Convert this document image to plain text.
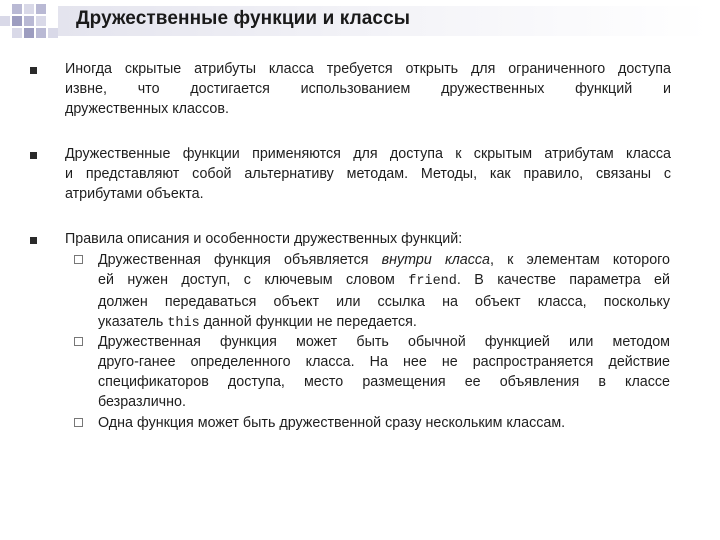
Дружественные функции и классы
Иногда скрытые атрибуты класса требуется открыть для ограниченного доступа
извне, что достигается использованием дружественных функций и
дружественных классов.
Дружественные функции применяются для доступа к скрытым атрибутам класса
и представляют собой альтернативу методам. Методы, как правило, связаны с
атрибутами объекта.
Правила описания и особенности дружественных функций:
Дружественная функция объявляется внутри класса, к элементам которого
ей нужен доступ, с ключевым словом friend. В качестве параметра ей
должен передаваться объект или ссылка на объект класса, поскольку
указатель this данной функции не передается.
Дружественная функция может быть обычной функцией или методом
друго-ганее определенного класса. На нее не распространяется действие
спецификаторов доступа, место размещения ее объявления в классе
безразлично.
Одна функция может быть дружественной сразу нескольким классам.
